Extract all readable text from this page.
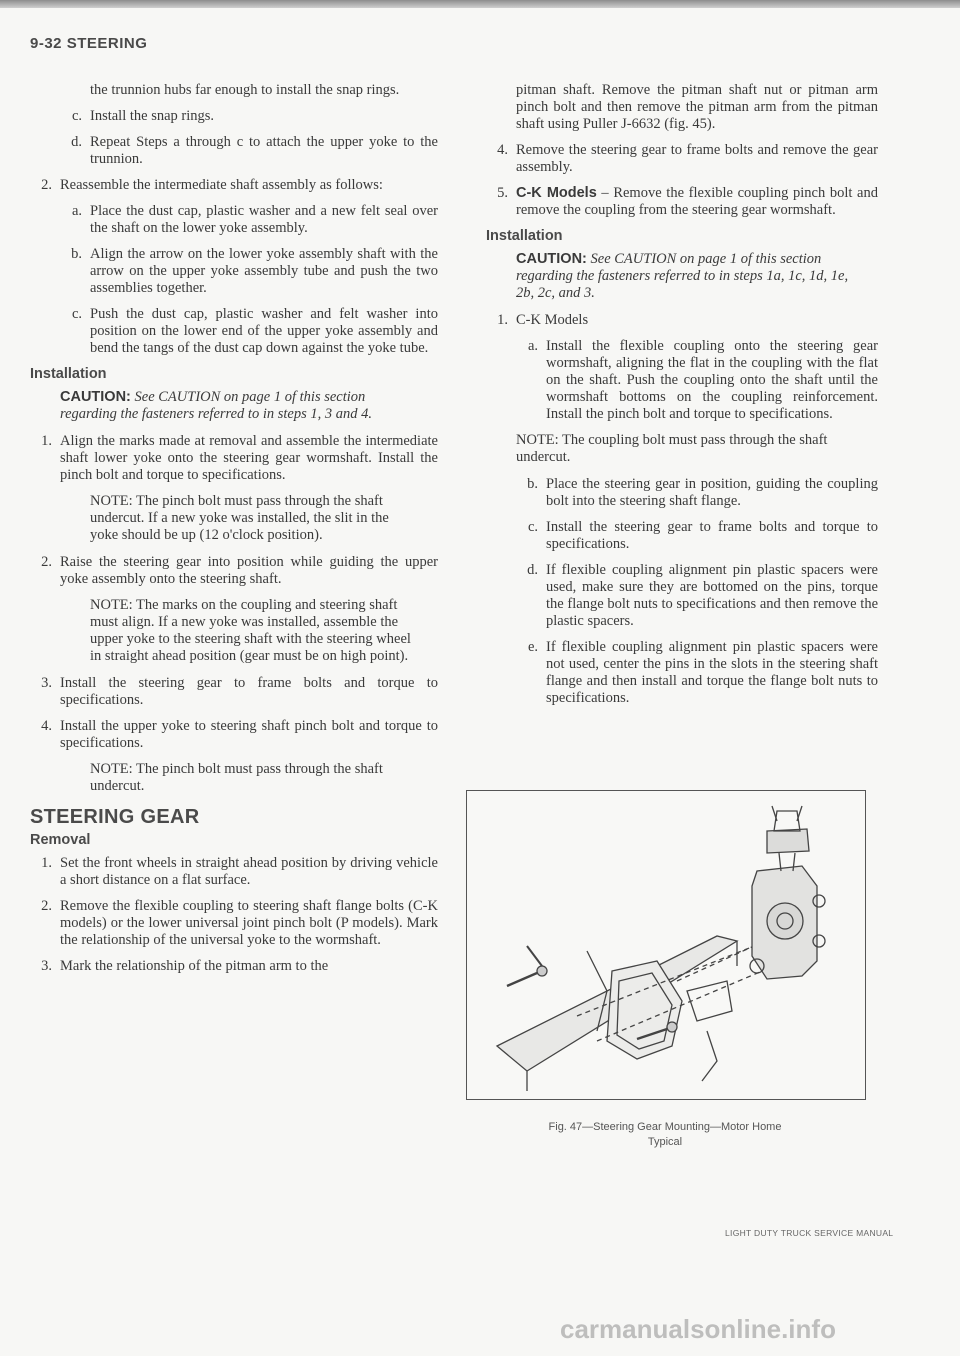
9-32 STEERING

the trunnion hubs far enough to install the snap rings.

c. Install the snap rings.
d. Repeat Steps a through c to attach the upper yoke to the trunnion.
2. Reassemble the intermediate shaft assembly as follows:
a. Place the dust cap, plastic washer and a new felt seal over the shaft on the lower yoke assembly.
b. Align the arrow on the lower yoke assembly shaft with the arrow on the upper yoke assembly tube and push the two assemblies together.
c. Push the dust cap, plastic washer and felt washer into position on the lower end of the upper yoke assembly and bend the tangs of the dust cap down against the yoke tube.
Installation

CAUTION: See CAUTION on page 1 of this section regarding the fasteners referred to in steps 1, 3 and 4.

1. Align the marks made at removal and assemble the intermediate shaft lower yoke onto the steering gear wormshaft. Install the pinch bolt and torque to specifications.

NOTE: The pinch bolt must pass through the shaft undercut. If a new yoke was installed, the slit in the yoke should be up (12 o'clock position).

2. Raise the steering gear into position while guiding the upper yoke assembly onto the steering shaft.

NOTE: The marks on the coupling and steering shaft must align. If a new yoke was installed, assemble the upper yoke to the steering shaft with the steering wheel in straight ahead position (gear must be on high point).

3. Install the steering gear to frame bolts and torque to specifications.
4. Install the upper yoke to steering shaft pinch bolt and torque to specifications.

NOTE: The pinch bolt must pass through the shaft undercut.

STEERING GEAR
Removal
1. Set the front wheels in straight ahead position by driving vehicle a short distance on a flat surface.
2. Remove the flexible coupling to steering shaft flange bolts (C-K models) or the lower universal joint pinch bolt (P models). Mark the relationship of the universal yoke to the wormshaft.
3. Mark the relationship of the pitman arm to the

pitman shaft. Remove the pitman shaft nut or pitman arm pinch bolt and then remove the pitman arm from the pitman shaft using Puller J-6632 (fig. 45).

4. Remove the steering gear to frame bolts and remove the gear assembly.
5. C-K Models – Remove the flexible coupling pinch bolt and remove the coupling from the steering gear wormshaft.
Installation

CAUTION: See CAUTION on page 1 of this section regarding the fasteners referred to in steps 1a, 1c, 1d, 1e, 2b, 2c, and 3.

1. C-K Models
a. Install the flexible coupling onto the steering gear wormshaft, aligning the flat in the coupling with the flat on the shaft. Push the coupling onto the shaft until the wormshaft bottoms on the coupling reinforcement. Install the pinch bolt and torque to specifications.

NOTE: The coupling bolt must pass through the shaft undercut.

b. Place the steering gear in position, guiding the coupling bolt into the steering shaft flange.
c. Install the steering gear to frame bolts and torque to specifications.
d. If flexible coupling alignment pin plastic spacers were used, make sure they are bottomed on the pins, torque the flange bolt nuts to specifications and then remove the plastic spacers.
e. If flexible coupling alignment pin plastic spacers were not used, center the pins in the slots in the steering shaft flange and then install and torque the flange bolt nuts to specifications.
Fig. 47—Steering Gear Mounting—Motor Home
Typical
LIGHT DUTY TRUCK SERVICE MANUAL
carmanualsonline.info
